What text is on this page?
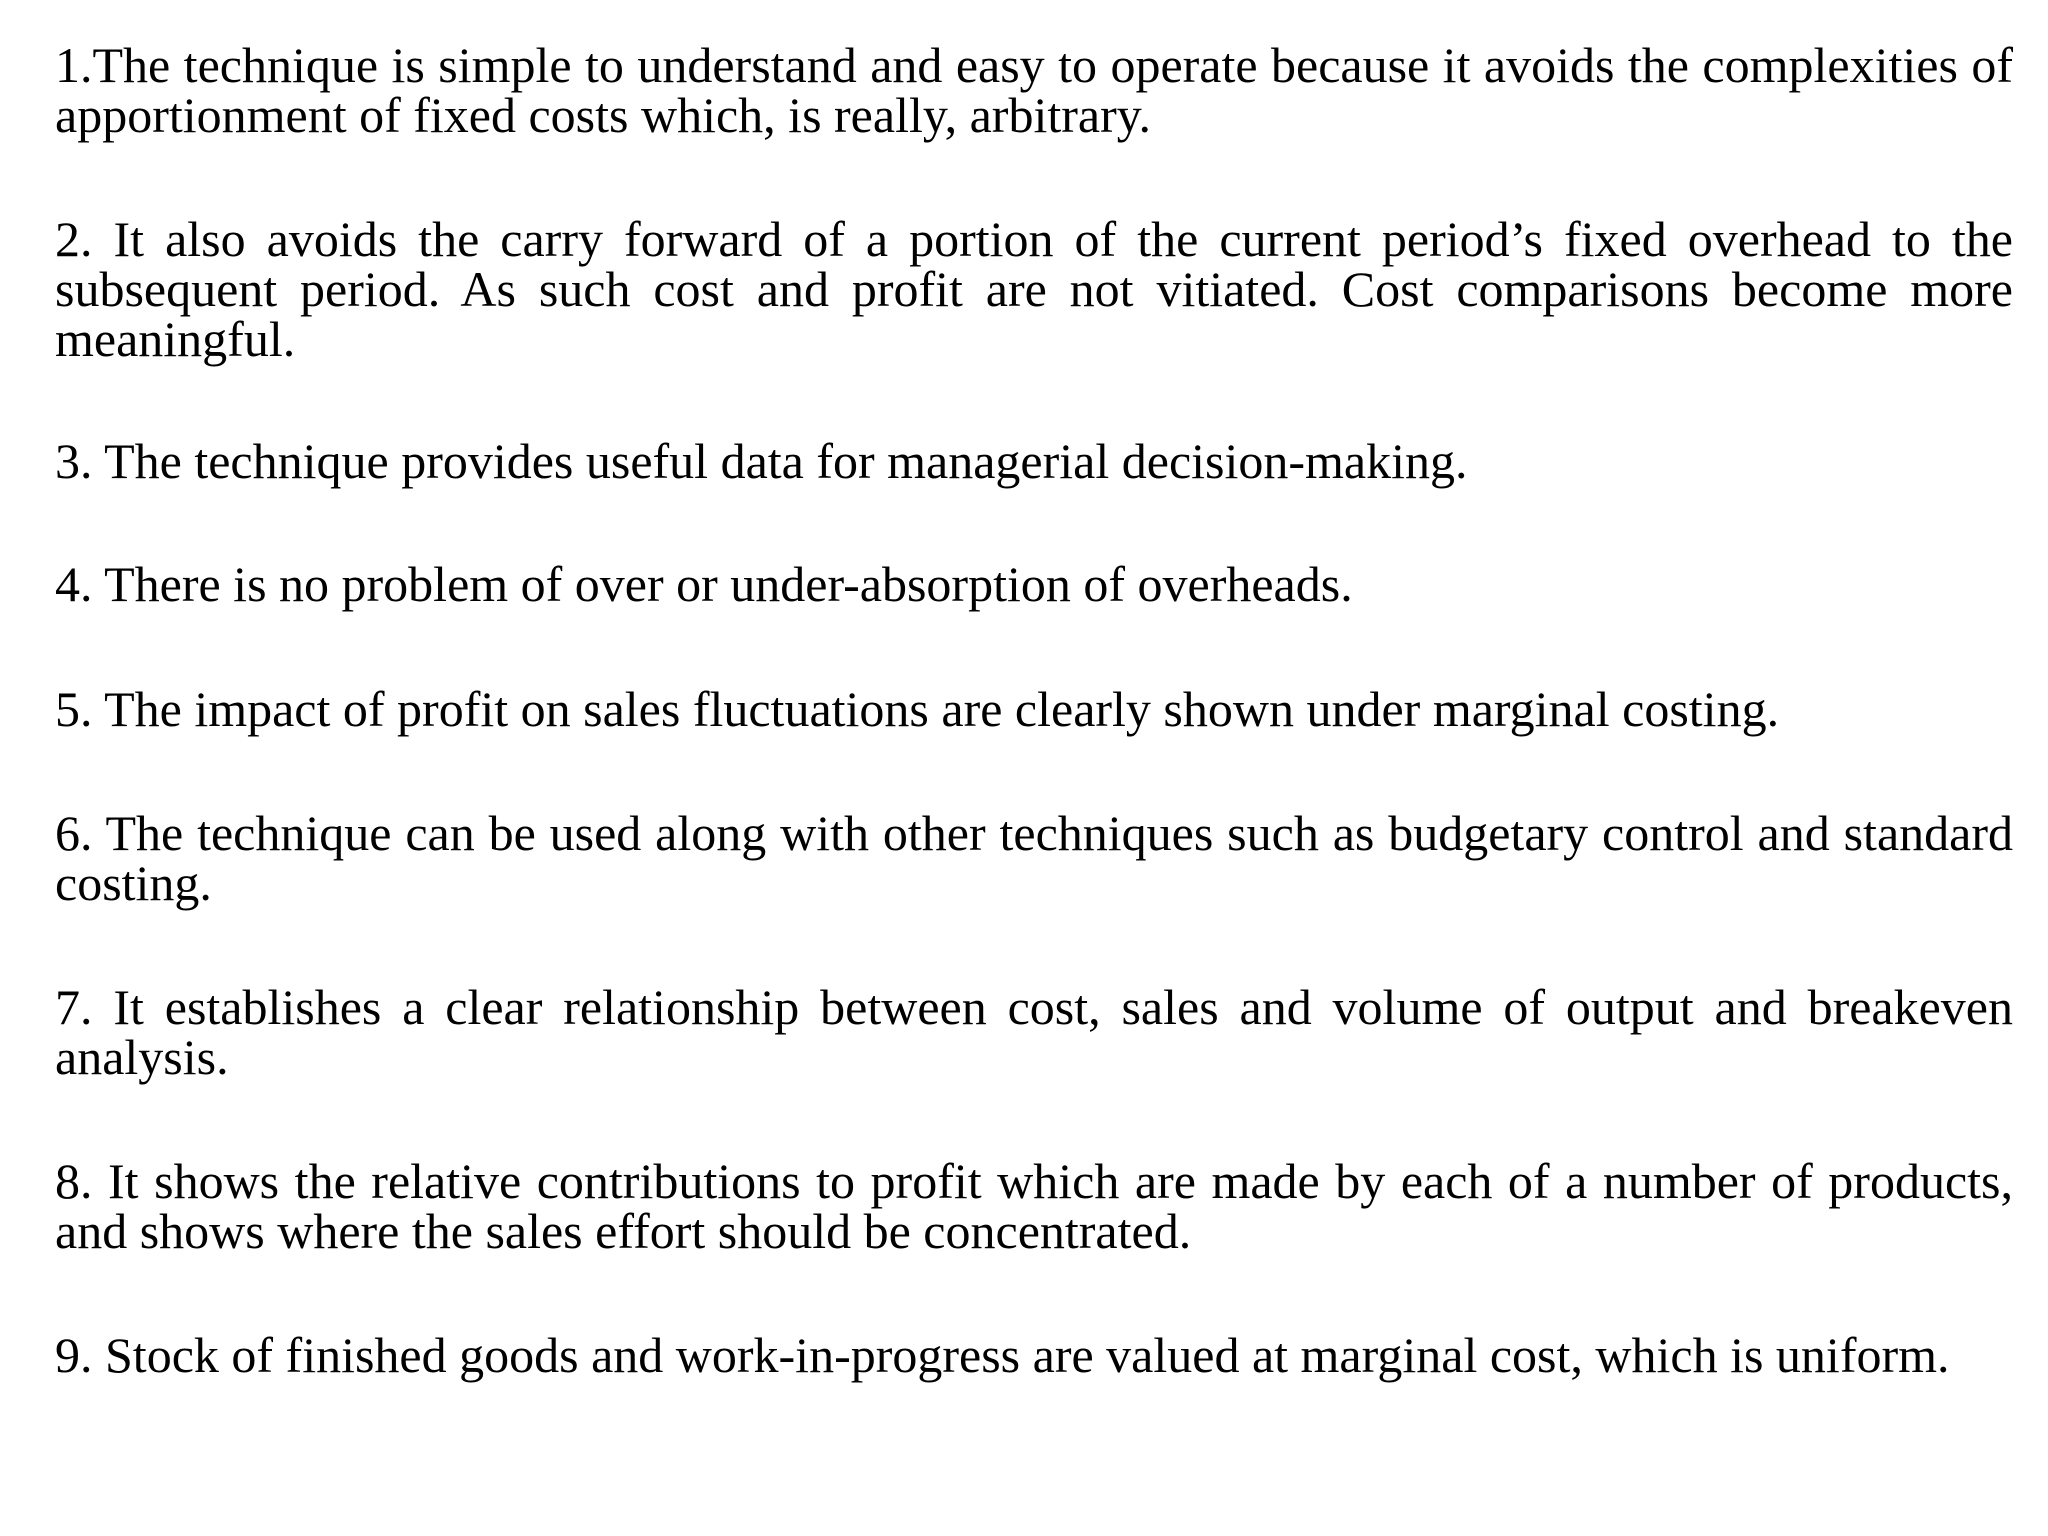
1.The technique is simple to understand and easy to operate because it avoids the complexities of apportionment of fixed costs which, is really, arbitrary.

2. It also avoids the carry forward of a portion of the current period’s fixed overhead to the subsequent period. As such cost and profit are not vitiated. Cost comparisons become more meaningful.

3. The technique provides useful data for managerial decision-making.

4. There is no problem of over or under-absorption of overheads.

5. The impact of profit on sales fluctuations are clearly shown under marginal costing.

6. The technique can be used along with other techniques such as budgetary control and standard costing.

7. It establishes a clear relationship between cost, sales and volume of output and breakeven analysis.

8. It shows the relative contributions to profit which are made by each of a number of products, and shows where the sales effort should be concentrated.

9. Stock of finished goods and work-in-progress are valued at marginal cost, which is uniform.
